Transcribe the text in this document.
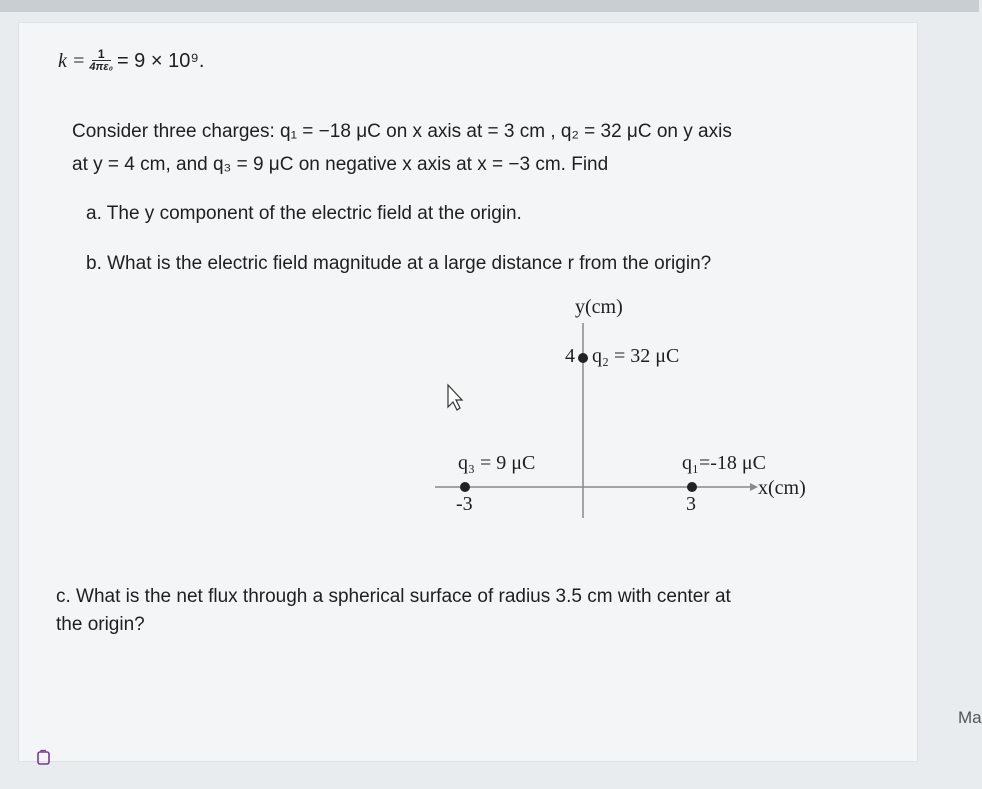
$k = \frac{1}{\text{4πε₀}} = 9 \times 10^9$.
Consider three charges: q₁ = −18 μC on x axis at = 3 cm , q₂ = 32 μC on y axis
at y = 4 cm, and q₃ = 9 μC on negative x axis at x = −3 cm. Find
a. The y component of the electric field at the origin.
b. What is the electric field magnitude at a large distance r from the origin?
y(cm)
4 q₂ = 32 μC
q₃ = 9 μC
-3
q₁=-18 μC
3
x(cm)
c. What is the net flux through a spherical surface of radius 3.5 cm with center at
the origin?
Ma
